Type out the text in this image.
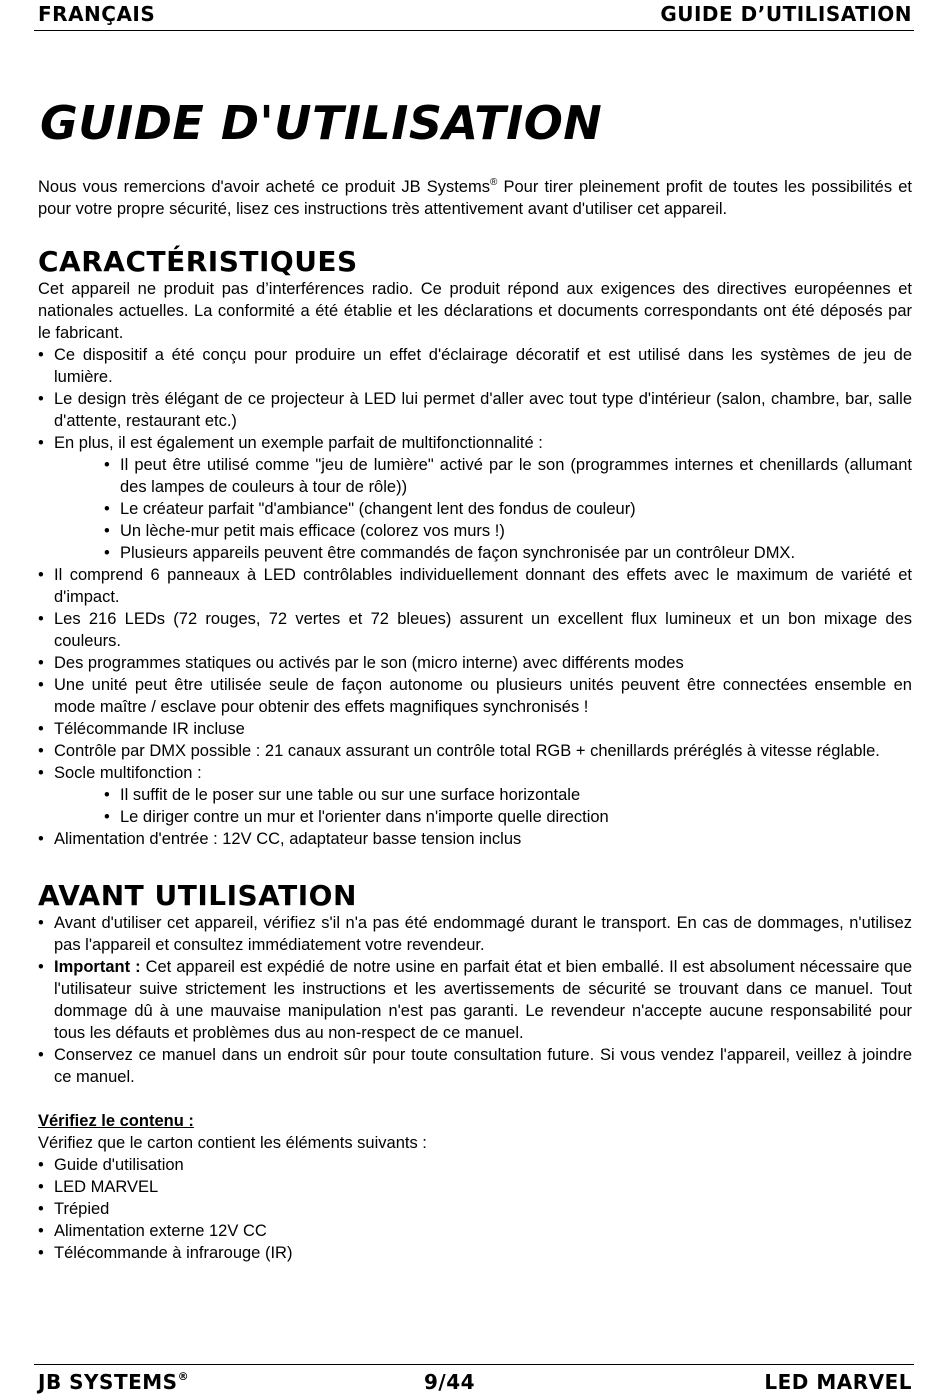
FRANÇAIS	GUIDE D’UTILISATION
GUIDE D'UTILISATION

Nous vous remercions d'avoir acheté ce produit JB Systems® Pour tirer pleinement profit de toutes les possibilités et pour votre propre sécurité, lisez ces instructions très attentivement avant d'utiliser cet appareil.

CARACTÉRISTIQUES

Cet appareil ne produit pas d’interférences radio. Ce produit répond aux exigences des directives européennes et nationales actuelles. La conformité a été établie et les déclarations et documents correspondants ont été déposés par le fabricant.

• Ce dispositif a été conçu pour produire un effet d'éclairage décoratif et est utilisé dans les systèmes de jeu de lumière.
• Le design très élégant de ce projecteur à LED lui permet d'aller avec tout type d'intérieur (salon, chambre, bar, salle d'attente, restaurant etc.)
• En plus, il est également un exemple parfait de multifonctionnalité :
• Il peut être utilisé comme "jeu de lumière" activé par le son (programmes internes et chenillards (allumant des lampes de couleurs à tour de rôle))
• Le créateur parfait "d'ambiance" (changent lent des fondus de couleur)
• Un lèche-mur petit mais efficace (colorez vos murs !)
• Plusieurs appareils peuvent être commandés de façon synchronisée par un contrôleur DMX.
• Il comprend 6 panneaux à LED contrôlables individuellement donnant des effets avec le maximum de variété et d'impact.
• Les 216 LEDs (72 rouges, 72 vertes et 72 bleues) assurent un excellent flux lumineux et un bon mixage des couleurs.
• Des programmes statiques ou activés par le son (micro interne) avec différents modes
• Une unité peut être utilisée seule de façon autonome ou plusieurs unités peuvent être connectées ensemble en mode maître / esclave pour obtenir des effets magnifiques synchronisés !
• Télécommande IR incluse
• Contrôle par DMX possible : 21 canaux assurant un contrôle total RGB + chenillards préréglés à vitesse réglable.
• Socle multifonction :
• Il suffit de le poser sur une table ou sur une surface horizontale
• Le diriger contre un mur et l'orienter dans n'importe quelle direction
• Alimentation d'entrée : 12V CC, adaptateur basse tension inclus
AVANT UTILISATION
• Avant d'utiliser cet appareil, vérifiez s'il n'a pas été endommagé durant le transport. En cas de dommages, n'utilisez pas l'appareil et consultez immédiatement votre revendeur.
• Important : Cet appareil est expédié de notre usine en parfait état et bien emballé. Il est absolument nécessaire que l'utilisateur suive strictement les instructions et les avertissements de sécurité se trouvant dans ce manuel. Tout dommage dû à une mauvaise manipulation n'est pas garanti. Le revendeur n'accepte aucune responsabilité pour tous les défauts et problèmes dus au non-respect de ce manuel.
• Conservez ce manuel dans un endroit sûr pour toute consultation future. Si vous vendez l'appareil, veillez à joindre ce manuel.

Vérifiez le contenu :

Vérifiez que le carton contient les éléments suivants :

• Guide d'utilisation
• LED MARVEL
• Trépied
• Alimentation externe 12V CC
• Télécommande à infrarouge (IR)
JB SYSTEMS®	9/44	LED MARVEL
